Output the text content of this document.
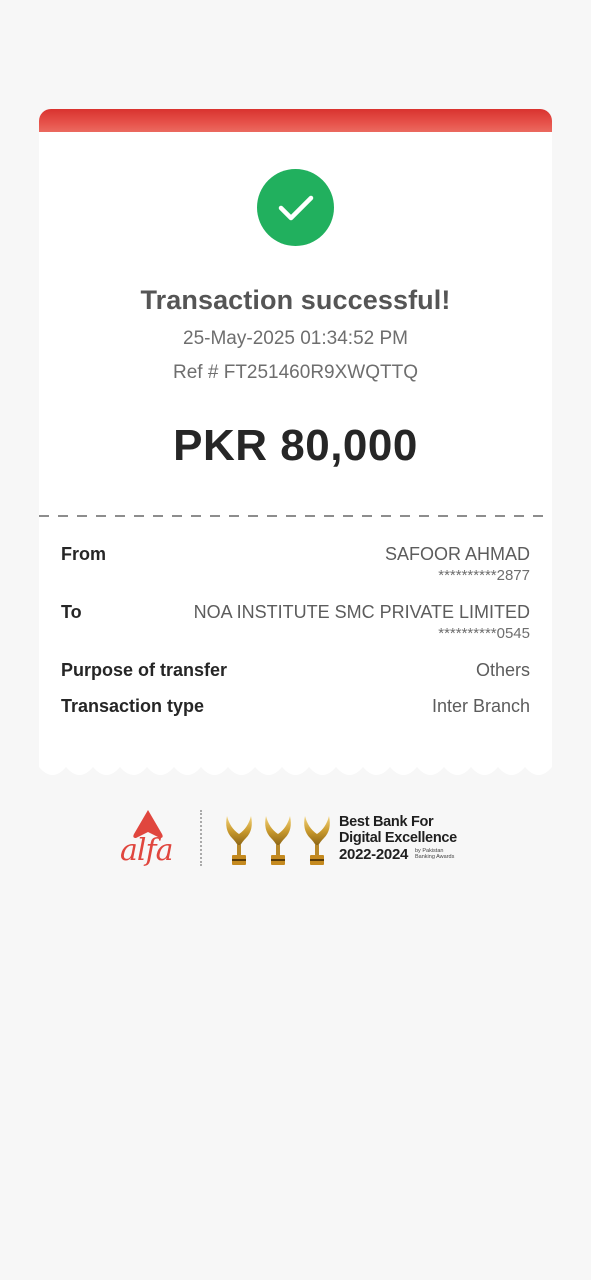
Transaction successful!
25-May-2025 01:34:52 PM
Ref # FT251460R9XWQTTQ
PKR 80,000
From	SAFOOR AHMAD
**********2877
To	NOA INSTITUTE SMC PRIVATE LIMITED
**********0545
Purpose of transfer	Others
Transaction type	Inter Branch
alfa
Best Bank For
Digital Excellence
2022-2024 by Pakistan Banking Awards
